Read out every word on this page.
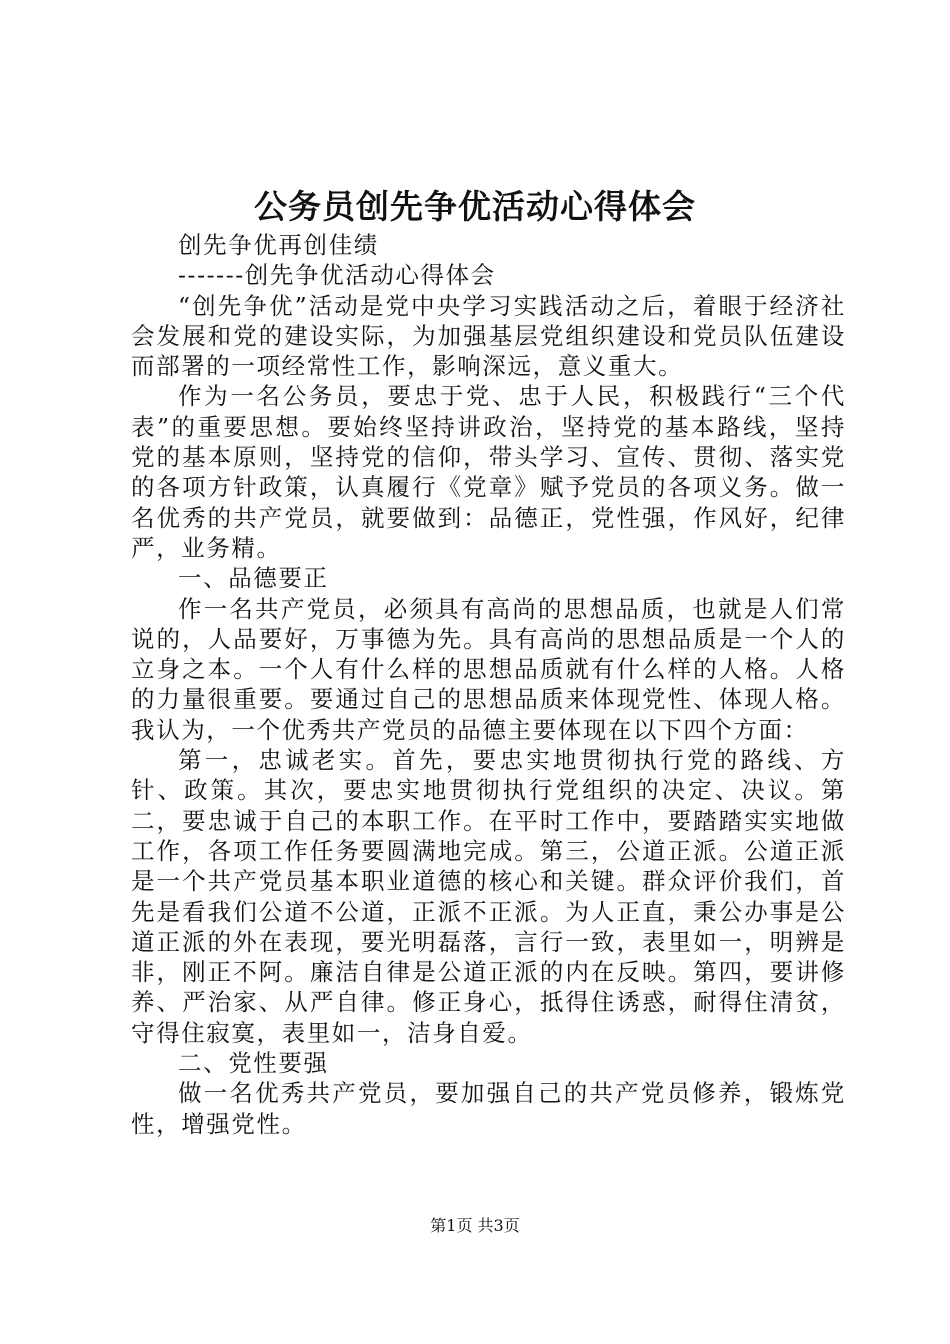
公务员创先争优活动心得体会

创先争优再创佳绩

-------创先争优活动心得体会

“创先争优”活动是党中央学习实践活动之后，着眼于经济社会发展和党的建设实际，为加强基层党组织建设和党员队伍建设而部署的一项经常性工作，影响深远，意义重大。

作为一名公务员，要忠于党、忠于人民，积极践行“三个代表”的重要思想。要始终坚持讲政治，坚持党的基本路线，坚持党的基本原则，坚持党的信仰，带头学习、宣传、贯彻、落实党的各项方针政策，认真履行《党章》赋予党员的各项义务。做一名优秀的共产党员，就要做到：品德正，党性强，作风好，纪律严，业务精。

一、品德要正

作一名共产党员，必须具有高尚的思想品质，也就是人们常说的，人品要好，万事德为先。具有高尚的思想品质是一个人的立身之本。一个人有什么样的思想品质就有什么样的人格。人格的力量很重要。要通过自己的思想品质来体现党性、体现人格。我认为，一个优秀共产党员的品德主要体现在以下四个方面：

第一，忠诚老实。首先，要忠实地贯彻执行党的路线、方针、政策。其次，要忠实地贯彻执行党组织的决定、决议。第二，要忠诚于自己的本职工作。在平时工作中，要踏踏实实地做工作，各项工作任务要圆满地完成。第三，公道正派。公道正派是一个共产党员基本职业道德的核心和关键。群众评价我们，首先是看我们公道不公道，正派不正派。为人正直，秉公办事是公道正派的外在表现，要光明磊落，言行一致，表里如一，明辨是非，刚正不阿。廉洁自律是公道正派的内在反映。第四，要讲修养、严治家、从严自律。修正身心，抵得住诱惑，耐得住清贫，守得住寂寞，表里如一，洁身自爱。

二、党性要强

做一名优秀共产党员，要加强自己的共产党员修养，锻炼党性，增强党性。

第1页 共3页
